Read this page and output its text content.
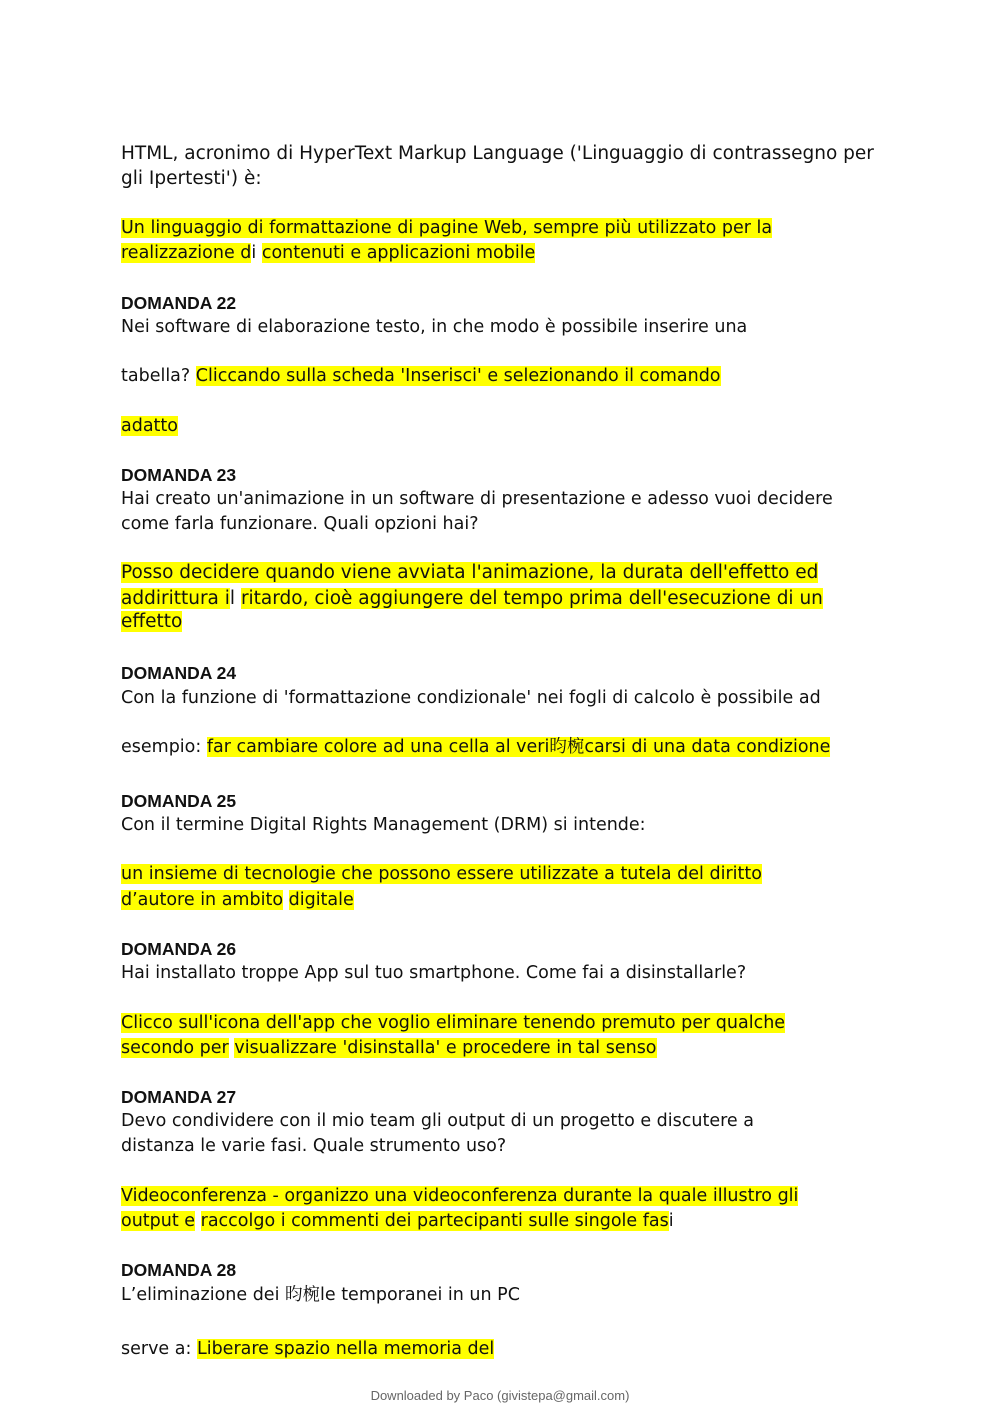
HTML, acronimo di HyperText Markup Language ('Linguaggio di contrassegno per
gli Ipertesti') è:
Un linguaggio di formattazione di pagine Web, sempre più utilizzato per la
realizzazione di contenuti e applicazioni mobile
DOMANDA 22
Nei software di elaborazione testo, in che modo è possibile inserire una
tabella? Cliccando sulla scheda 'Inserisci' e selezionando il comando
adatto
DOMANDA 23
Hai creato un'animazione in un software di presentazione e adesso vuoi decidere
come farla funzionare. Quali opzioni hai?
Posso decidere quando viene avviata l'animazione, la durata dell'effetto ed
addirittura il ritardo, cioè aggiungere del tempo prima dell'esecuzione di un
effetto
DOMANDA 24
Con la funzione di 'formattazione condizionale' nei fogli di calcolo è possibile ad
esempio: far cambiare colore ad una cella al veri昀椀carsi di una data condizione
DOMANDA 25
Con il termine Digital Rights Management (DRM) si intende:
un insieme di tecnologie che possono essere utilizzate a tutela del diritto
d’autore in ambito digitale
DOMANDA 26
Hai installato troppe App sul tuo smartphone. Come fai a disinstallarle?
Clicco sull'icona dell'app che voglio eliminare tenendo premuto per qualche
secondo per visualizzare 'disinstalla' e procedere in tal senso
DOMANDA 27
Devo condividere con il mio team gli output di un progetto e discutere a
distanza le varie fasi. Quale strumento uso?
Videoconferenza - organizzo una videoconferenza durante la quale illustro gli
output e raccolgo i commenti dei partecipanti sulle singole fasi
DOMANDA 28
L’eliminazione dei 昀椀le temporanei in un PC
serve a: Liberare spazio nella memoria del
Downloaded by Paco (givistepa@gmail.com)
